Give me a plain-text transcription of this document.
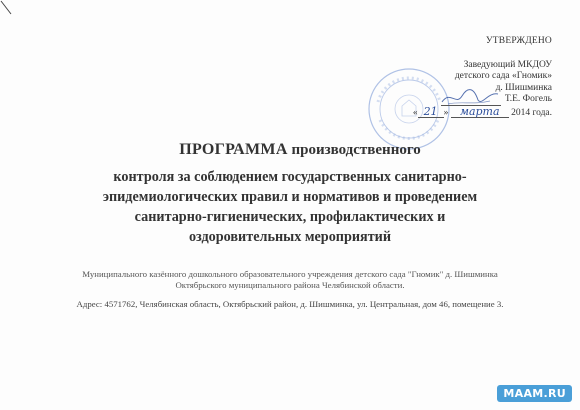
УТВЕРЖДЕНО
Заведующий МКДОУ
детского сада «Гномик»
д. Шишминка
Т.Е. Фогель
« 21 » марта 2014 года.
ПРОГРАММА производственного
контроля за соблюдением государственных санитарно-
эпидемиологических правил и нормативов и проведением
санитарно-гигиенических, профилактических и
оздоровительных мероприятий
Муниципального казённого дошкольного образовательного учреждения детского сада "Гномик" д. Шишминка
Октябрьского муниципального района Челябинской области.
Адрес: 4571762, Челябинская область, Октябрьский район, д. Шишминка, ул. Центральная, дом 46, помещение 3.
MAAM.RU
